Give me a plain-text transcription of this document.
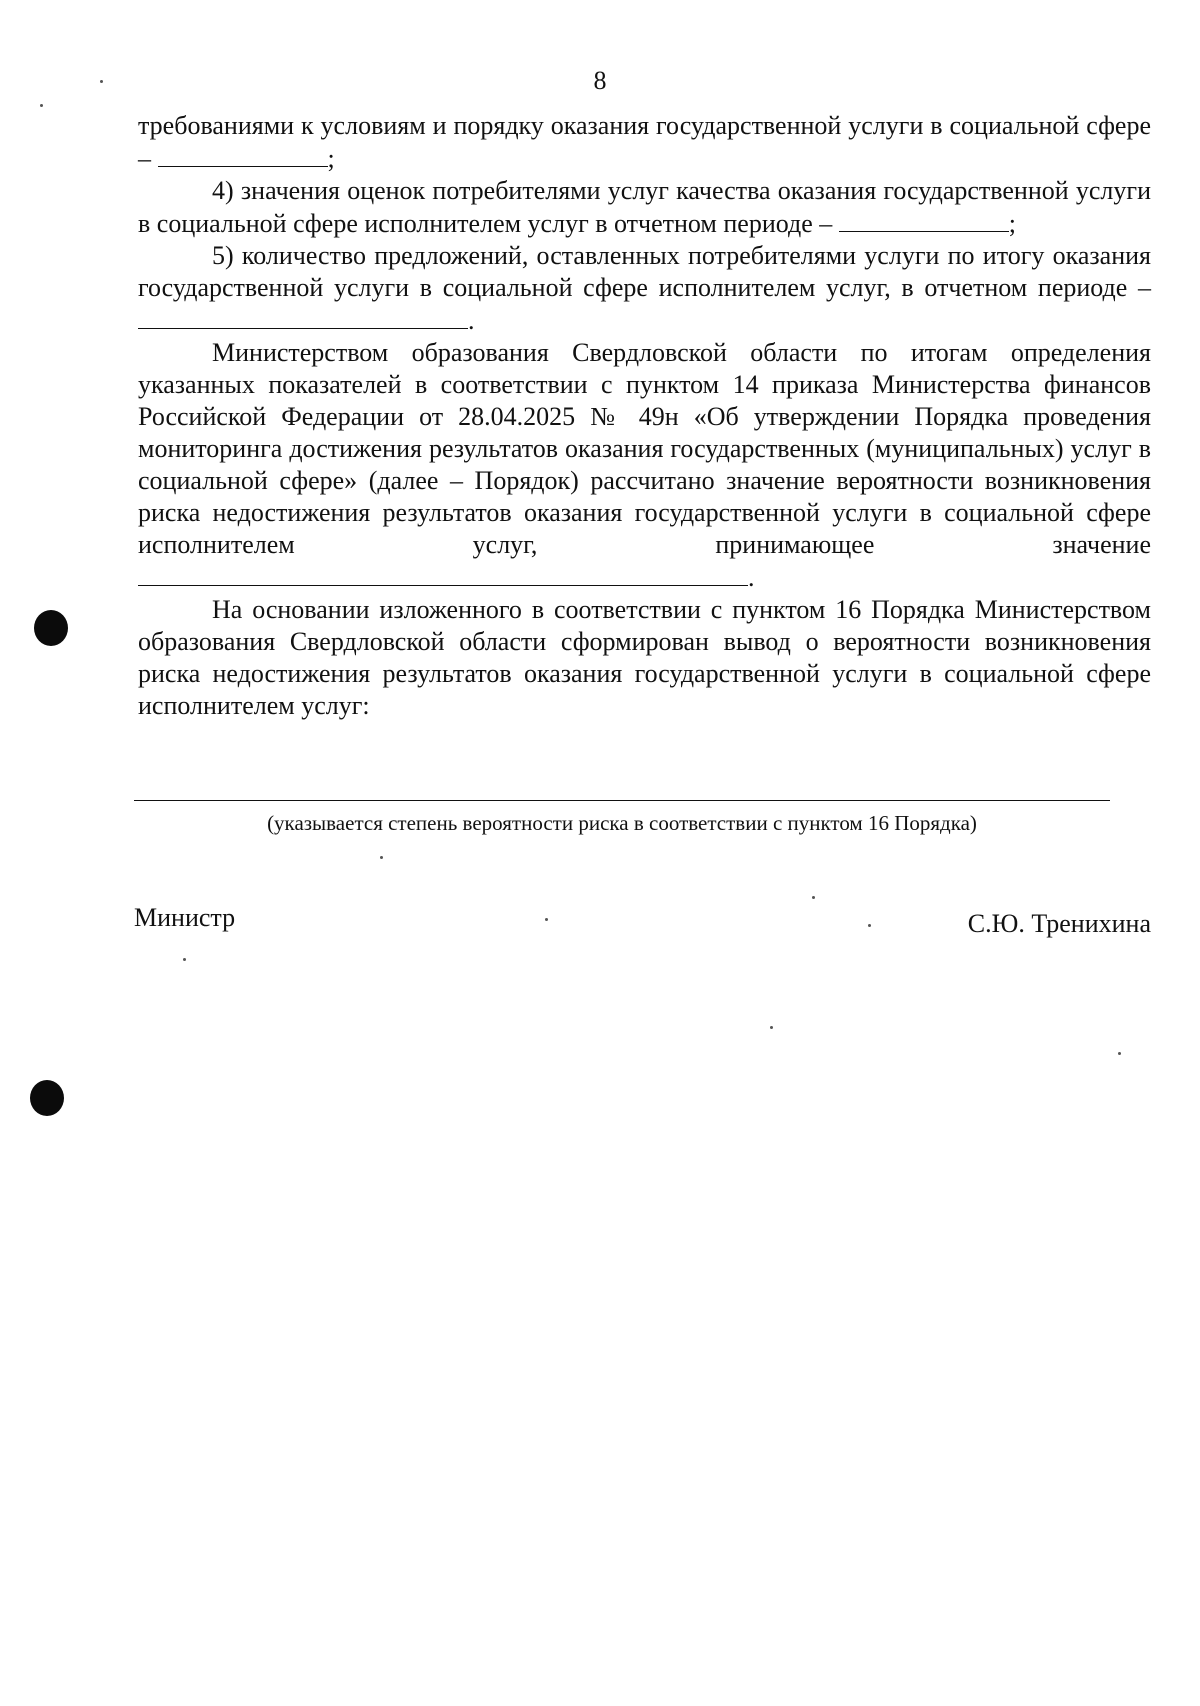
8

требованиями к условиям и порядку оказания государственной услуги в социальной сфере –	;

4) значения оценок потребителями услуг качества оказания государственной услуги в социальной сфере исполнителем услуг в отчетном периоде –	;

5) количество предложений, оставленных потребителями услуги по итогу оказания государственной услуги в социальной сфере исполнителем услуг, в отчетном периоде – .

Министерством образования Свердловской области по итогам определения указанных показателей в соответствии с пунктом 14 приказа Министерства финансов Российской Федерации от 28.04.2025 № 49н «Об утверждении Порядка проведения мониторинга достижения результатов оказания государственных (муниципальных) услуг в социальной сфере» (далее – Порядок) рассчитано значение вероятности возникновения риска недостижения результатов оказания государственной услуги в социальной сфере исполнителем услуг, принимающее значение .

На основании изложенного в соответствии с пунктом 16 Порядка Министерством образования Свердловской области сформирован вывод о вероятности возникновения риска недостижения результатов оказания государственной услуги в социальной сфере исполнителем услуг:

(указывается степень вероятности риска в соответствии с пунктом 16 Порядка)
Министр	С.Ю. Тренихина
